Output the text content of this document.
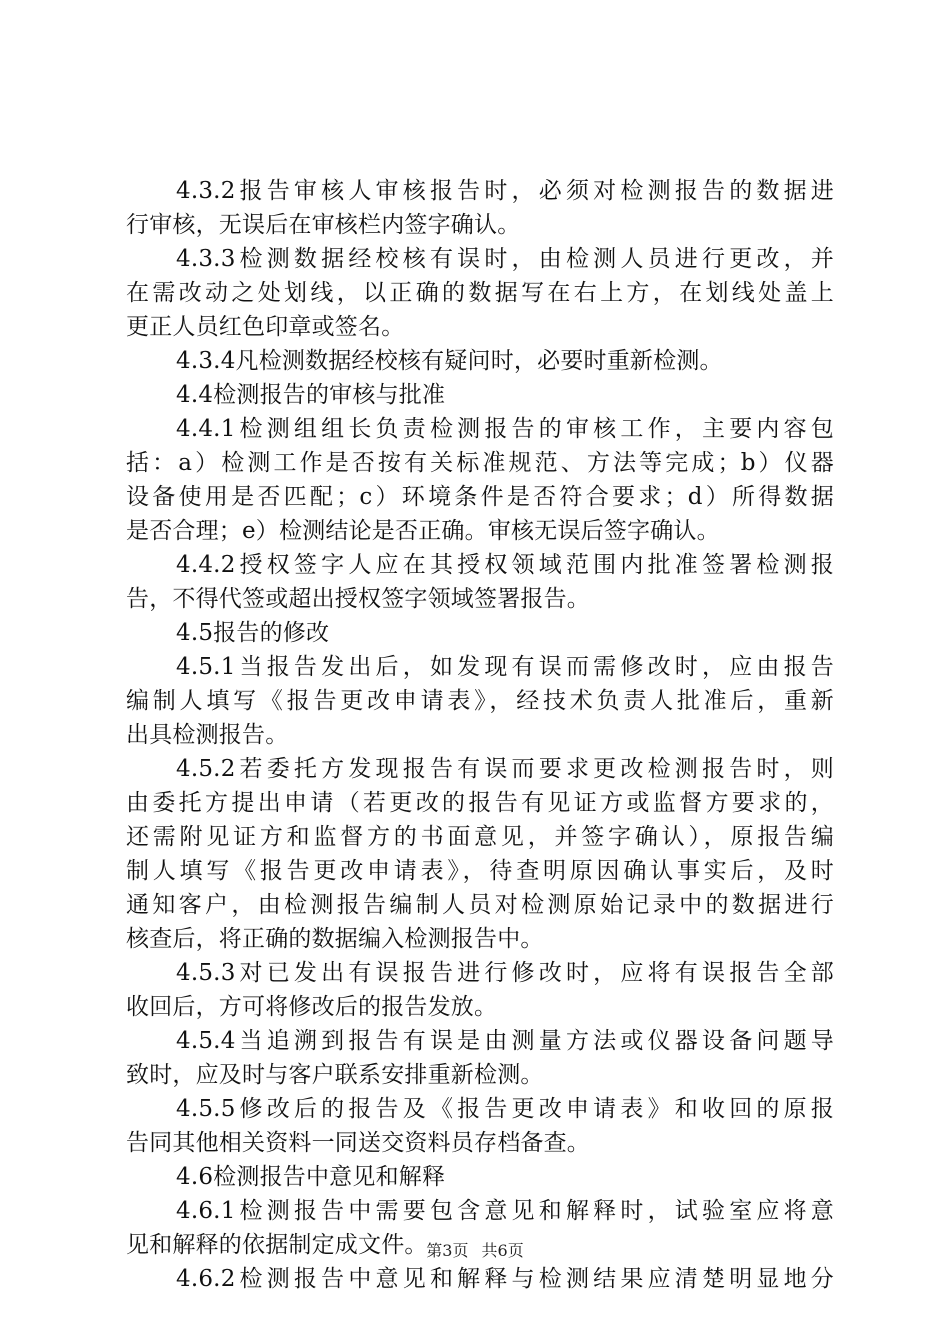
4.3.2报告审核人审核报告时，必须对检测报告的数据进
行审核，无误后在审核栏内签字确认。
4.3.3检测数据经校核有误时，由检测人员进行更改，并
在需改动之处划线，以正确的数据写在右上方，在划线处盖上
更正人员红色印章或签名。
4.3.4凡检测数据经校核有疑问时，必要时重新检测。
4.4检测报告的审核与批准
4.4.1检测组组长负责检测报告的审核工作，主要内容包
括：a）检测工作是否按有关标准规范、方法等完成；b）仪器
设备使用是否匹配；c）环境条件是否符合要求；d）所得数据
是否合理；e）检测结论是否正确。审核无误后签字确认。
4.4.2授权签字人应在其授权领域范围内批准签署检测报
告，不得代签或超出授权签字领域签署报告。
4.5报告的修改
4.5.1当报告发出后，如发现有误而需修改时，应由报告
编制人填写《报告更改申请表》，经技术负责人批准后，重新
出具检测报告。
4.5.2若委托方发现报告有误而要求更改检测报告时，则
由委托方提出申请（若更改的报告有见证方或监督方要求的，
还需附见证方和监督方的书面意见，并签字确认），原报告编
制人填写《报告更改申请表》，待查明原因确认事实后，及时
通知客户，由检测报告编制人员对检测原始记录中的数据进行
核查后，将正确的数据编入检测报告中。
4.5.3对已发出有误报告进行修改时，应将有误报告全部
收回后，方可将修改后的报告发放。
4.5.4当追溯到报告有误是由测量方法或仪器设备问题导
致时，应及时与客户联系安排重新检测。
4.5.5修改后的报告及《报告更改申请表》和收回的原报
告同其他相关资料一同送交资料员存档备查。
4.6检测报告中意见和解释
4.6.1检测报告中需要包含意见和解释时，试验室应将意
见和解释的依据制定成文件。
4.6.2检测报告中意见和解释与检测结果应清楚明显地分
第3页 共6页
